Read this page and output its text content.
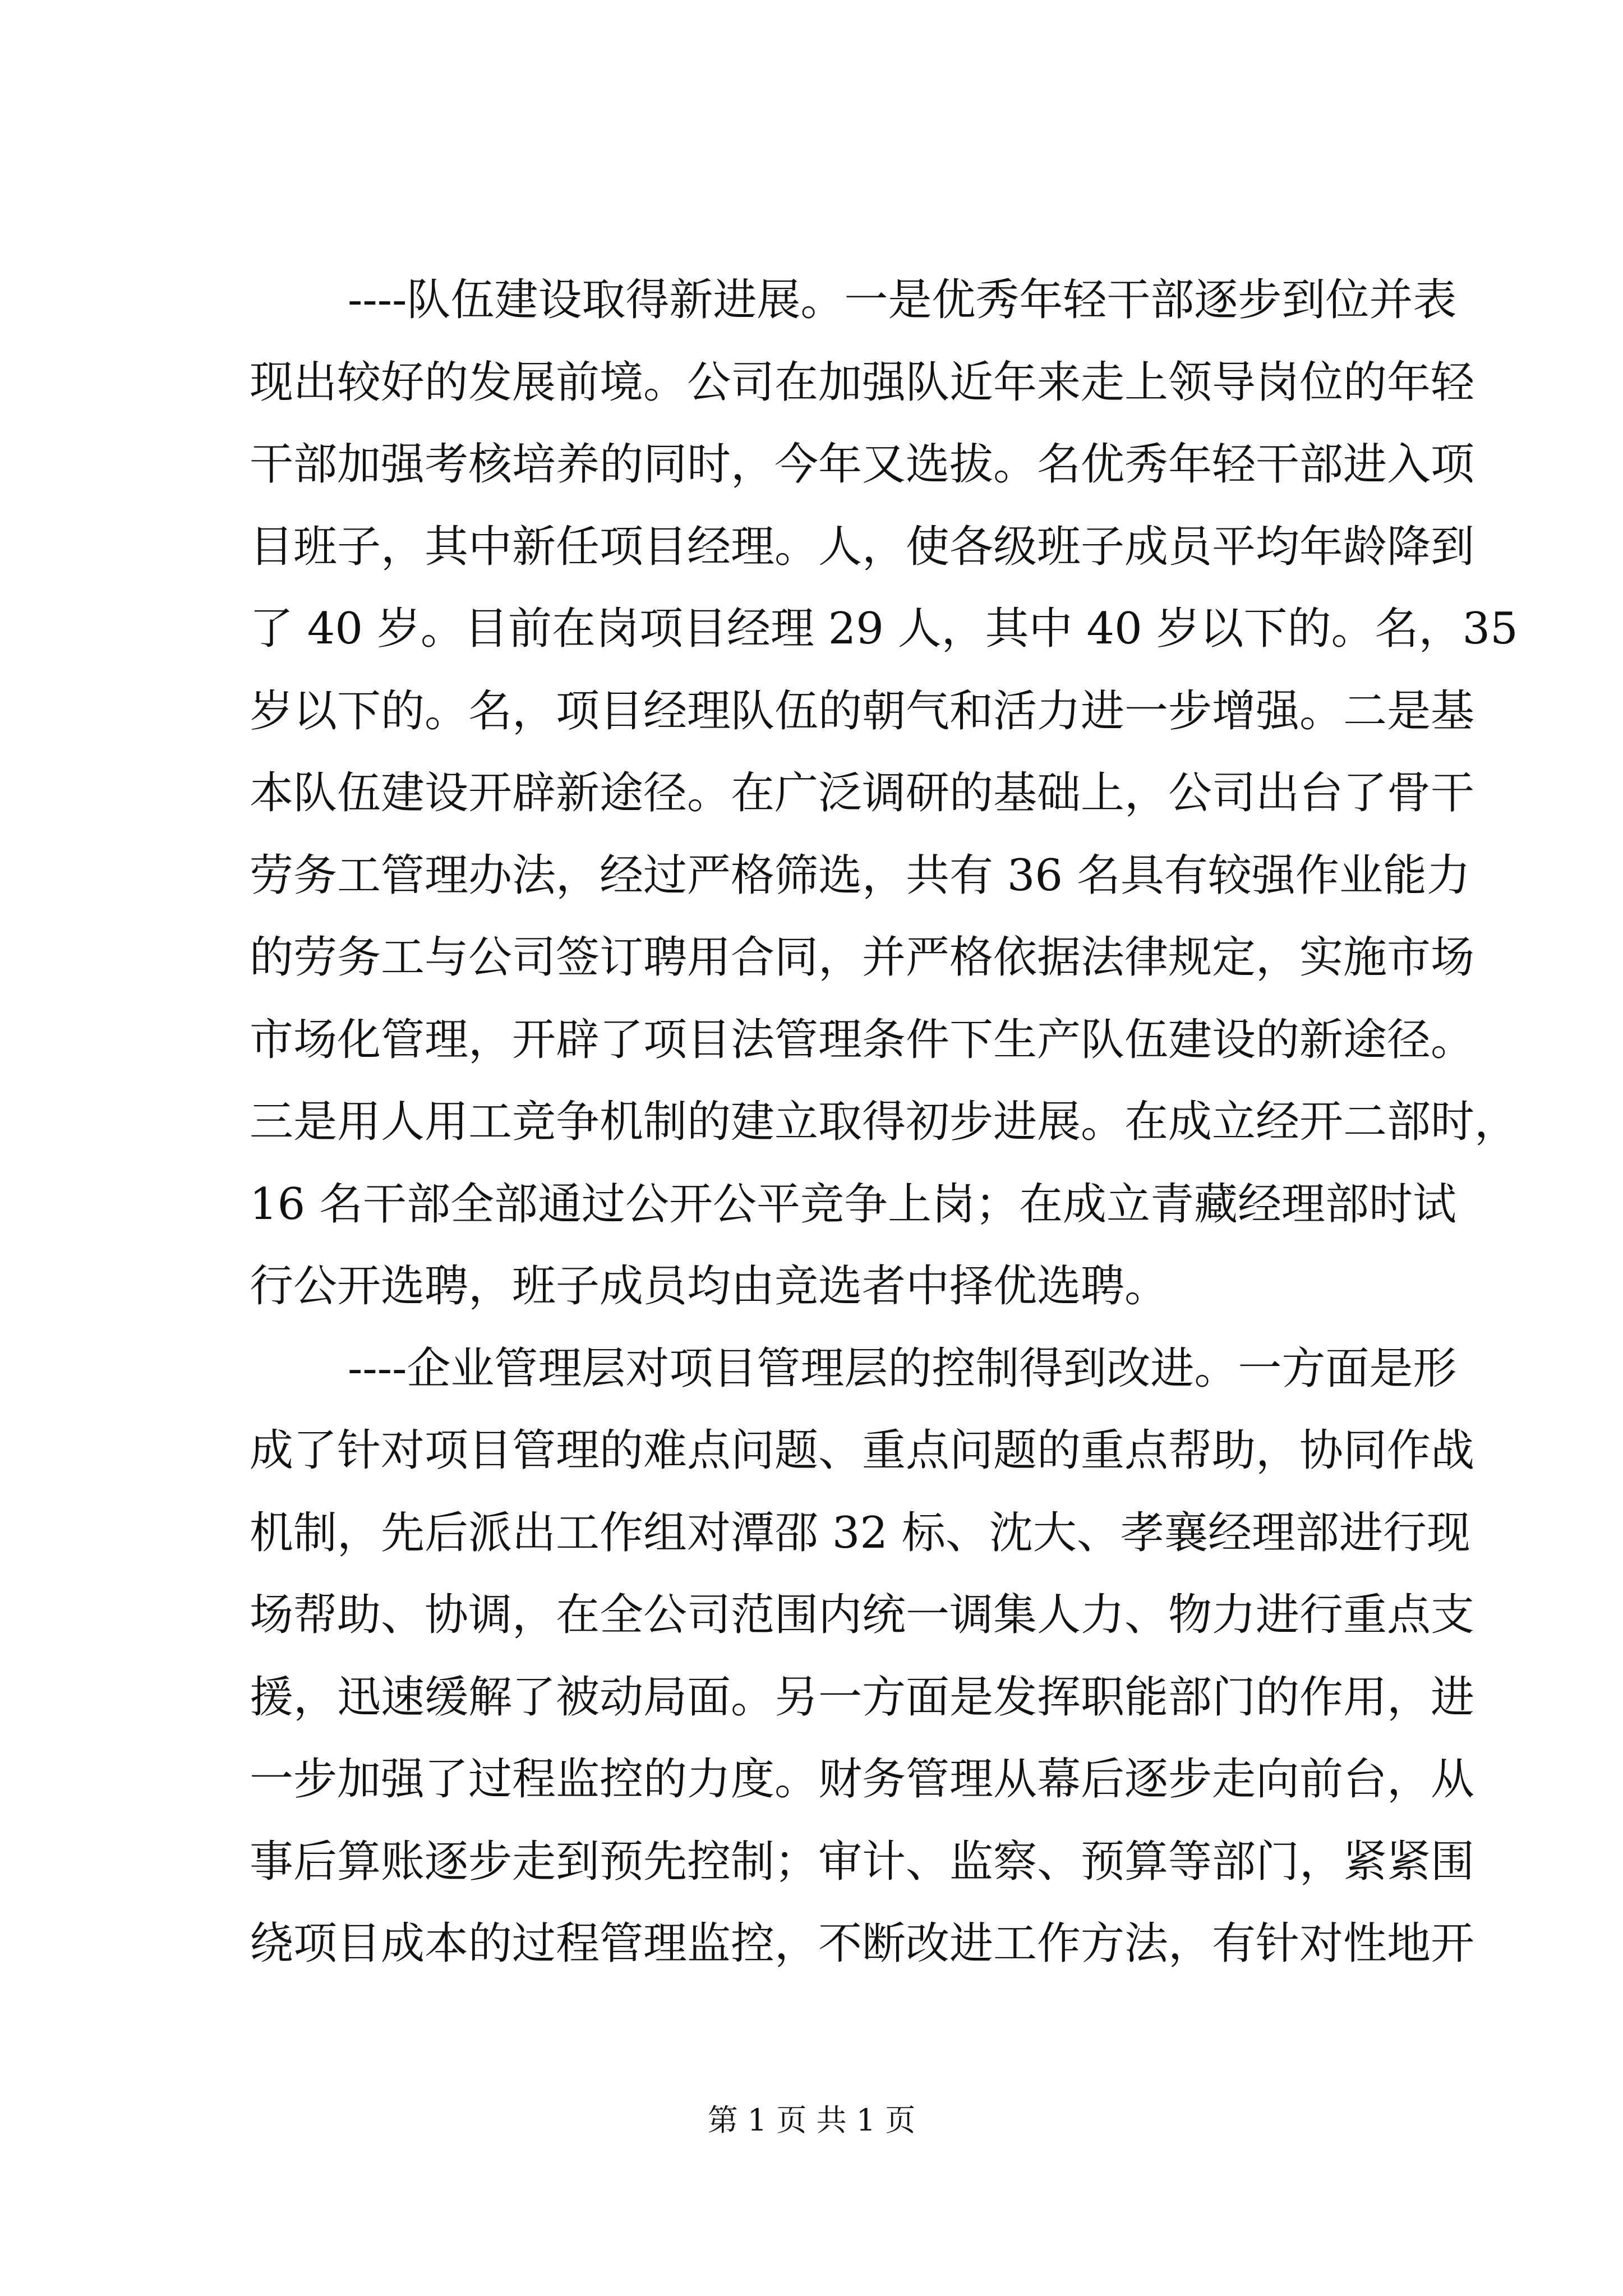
----队伍建设取得新进展。一是优秀年轻干部逐步到位并表
现出较好的发展前境。公司在加强队近年来走上领导岗位的年轻
干部加强考核培养的同时，今年又选拔。名优秀年轻干部进入项
目班子，其中新任项目经理。人，使各级班子成员平均年龄降到
了 40 岁。目前在岗项目经理 29 人，其中 40 岁以下的。名，35
岁以下的。名，项目经理队伍的朝气和活力进一步增强。二是基
本队伍建设开辟新途径。在广泛调研的基础上，公司出台了骨干
劳务工管理办法，经过严格筛选，共有 36 名具有较强作业能力
的劳务工与公司签订聘用合同，并严格依据法律规定，实施市场
市场化管理，开辟了项目法管理条件下生产队伍建设的新途径。
三是用人用工竞争机制的建立取得初步进展。在成立经开二部时，
16 名干部全部通过公开公平竞争上岗；在成立青藏经理部时试
行公开选聘，班子成员均由竞选者中择优选聘。
----企业管理层对项目管理层的控制得到改进。一方面是形
成了针对项目管理的难点问题、重点问题的重点帮助，协同作战
机制，先后派出工作组对潭邵 32 标、沈大、孝襄经理部进行现
场帮助、协调，在全公司范围内统一调集人力、物力进行重点支
援，迅速缓解了被动局面。另一方面是发挥职能部门的作用，进
一步加强了过程监控的力度。财务管理从幕后逐步走向前台，从
事后算账逐步走到预先控制；审计、监察、预算等部门，紧紧围
绕项目成本的过程管理监控，不断改进工作方法，有针对性地开
第 1 页 共 1 页
